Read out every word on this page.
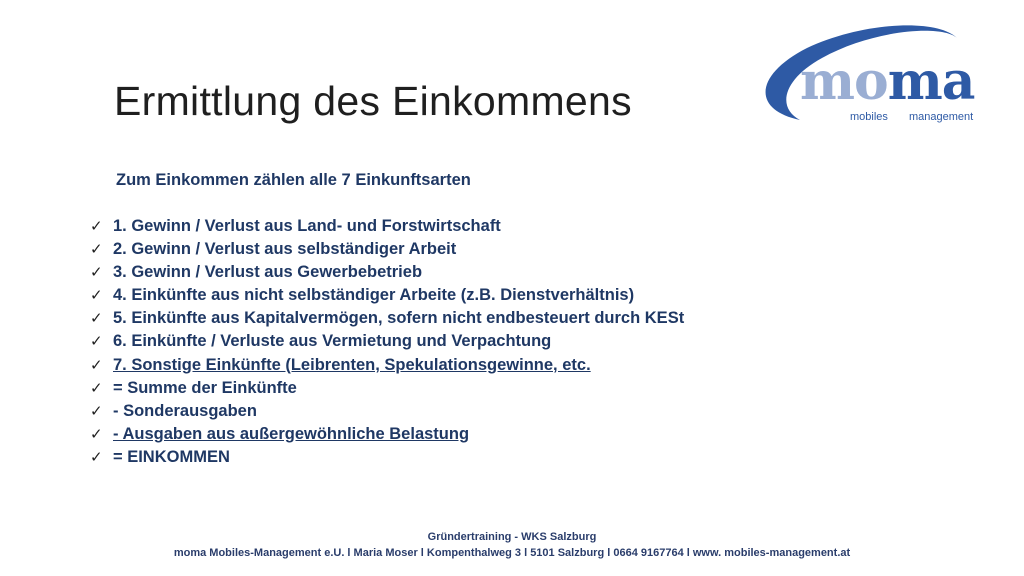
Ermittlung des Einkommens	moma
mobiles management
Zum Einkommen zählen alle 7 Einkunftsarten
✓ 1. Gewinn / Verlust aus Land- und Forstwirtschaft
✓ 2. Gewinn / Verlust aus selbständiger Arbeit
✓ 3. Gewinn / Verlust aus Gewerbebetrieb
✓ 4. Einkünfte aus nicht selbständiger Arbeite (z.B. Dienstverhältnis)
✓ 5. Einkünfte aus Kapitalvermögen, sofern nicht endbesteuert durch KESt
✓ 6. Einkünfte / Verluste aus Vermietung und Verpachtung
✓ 7. Sonstige Einkünfte (Leibrenten, Spekulationsgewinne, etc.
✓ = Summe der Einkünfte
✓ - Sonderausgaben
✓ - Ausgaben aus außergewöhnliche Belastung
✓ = EINKOMMEN
Gründertraining - WKS Salzburg
moma Mobiles-Management e.U. l Maria Moser l Kompenthalweg 3 l 5101 Salzburg l 0664 9167764 l www. mobiles-management.at
